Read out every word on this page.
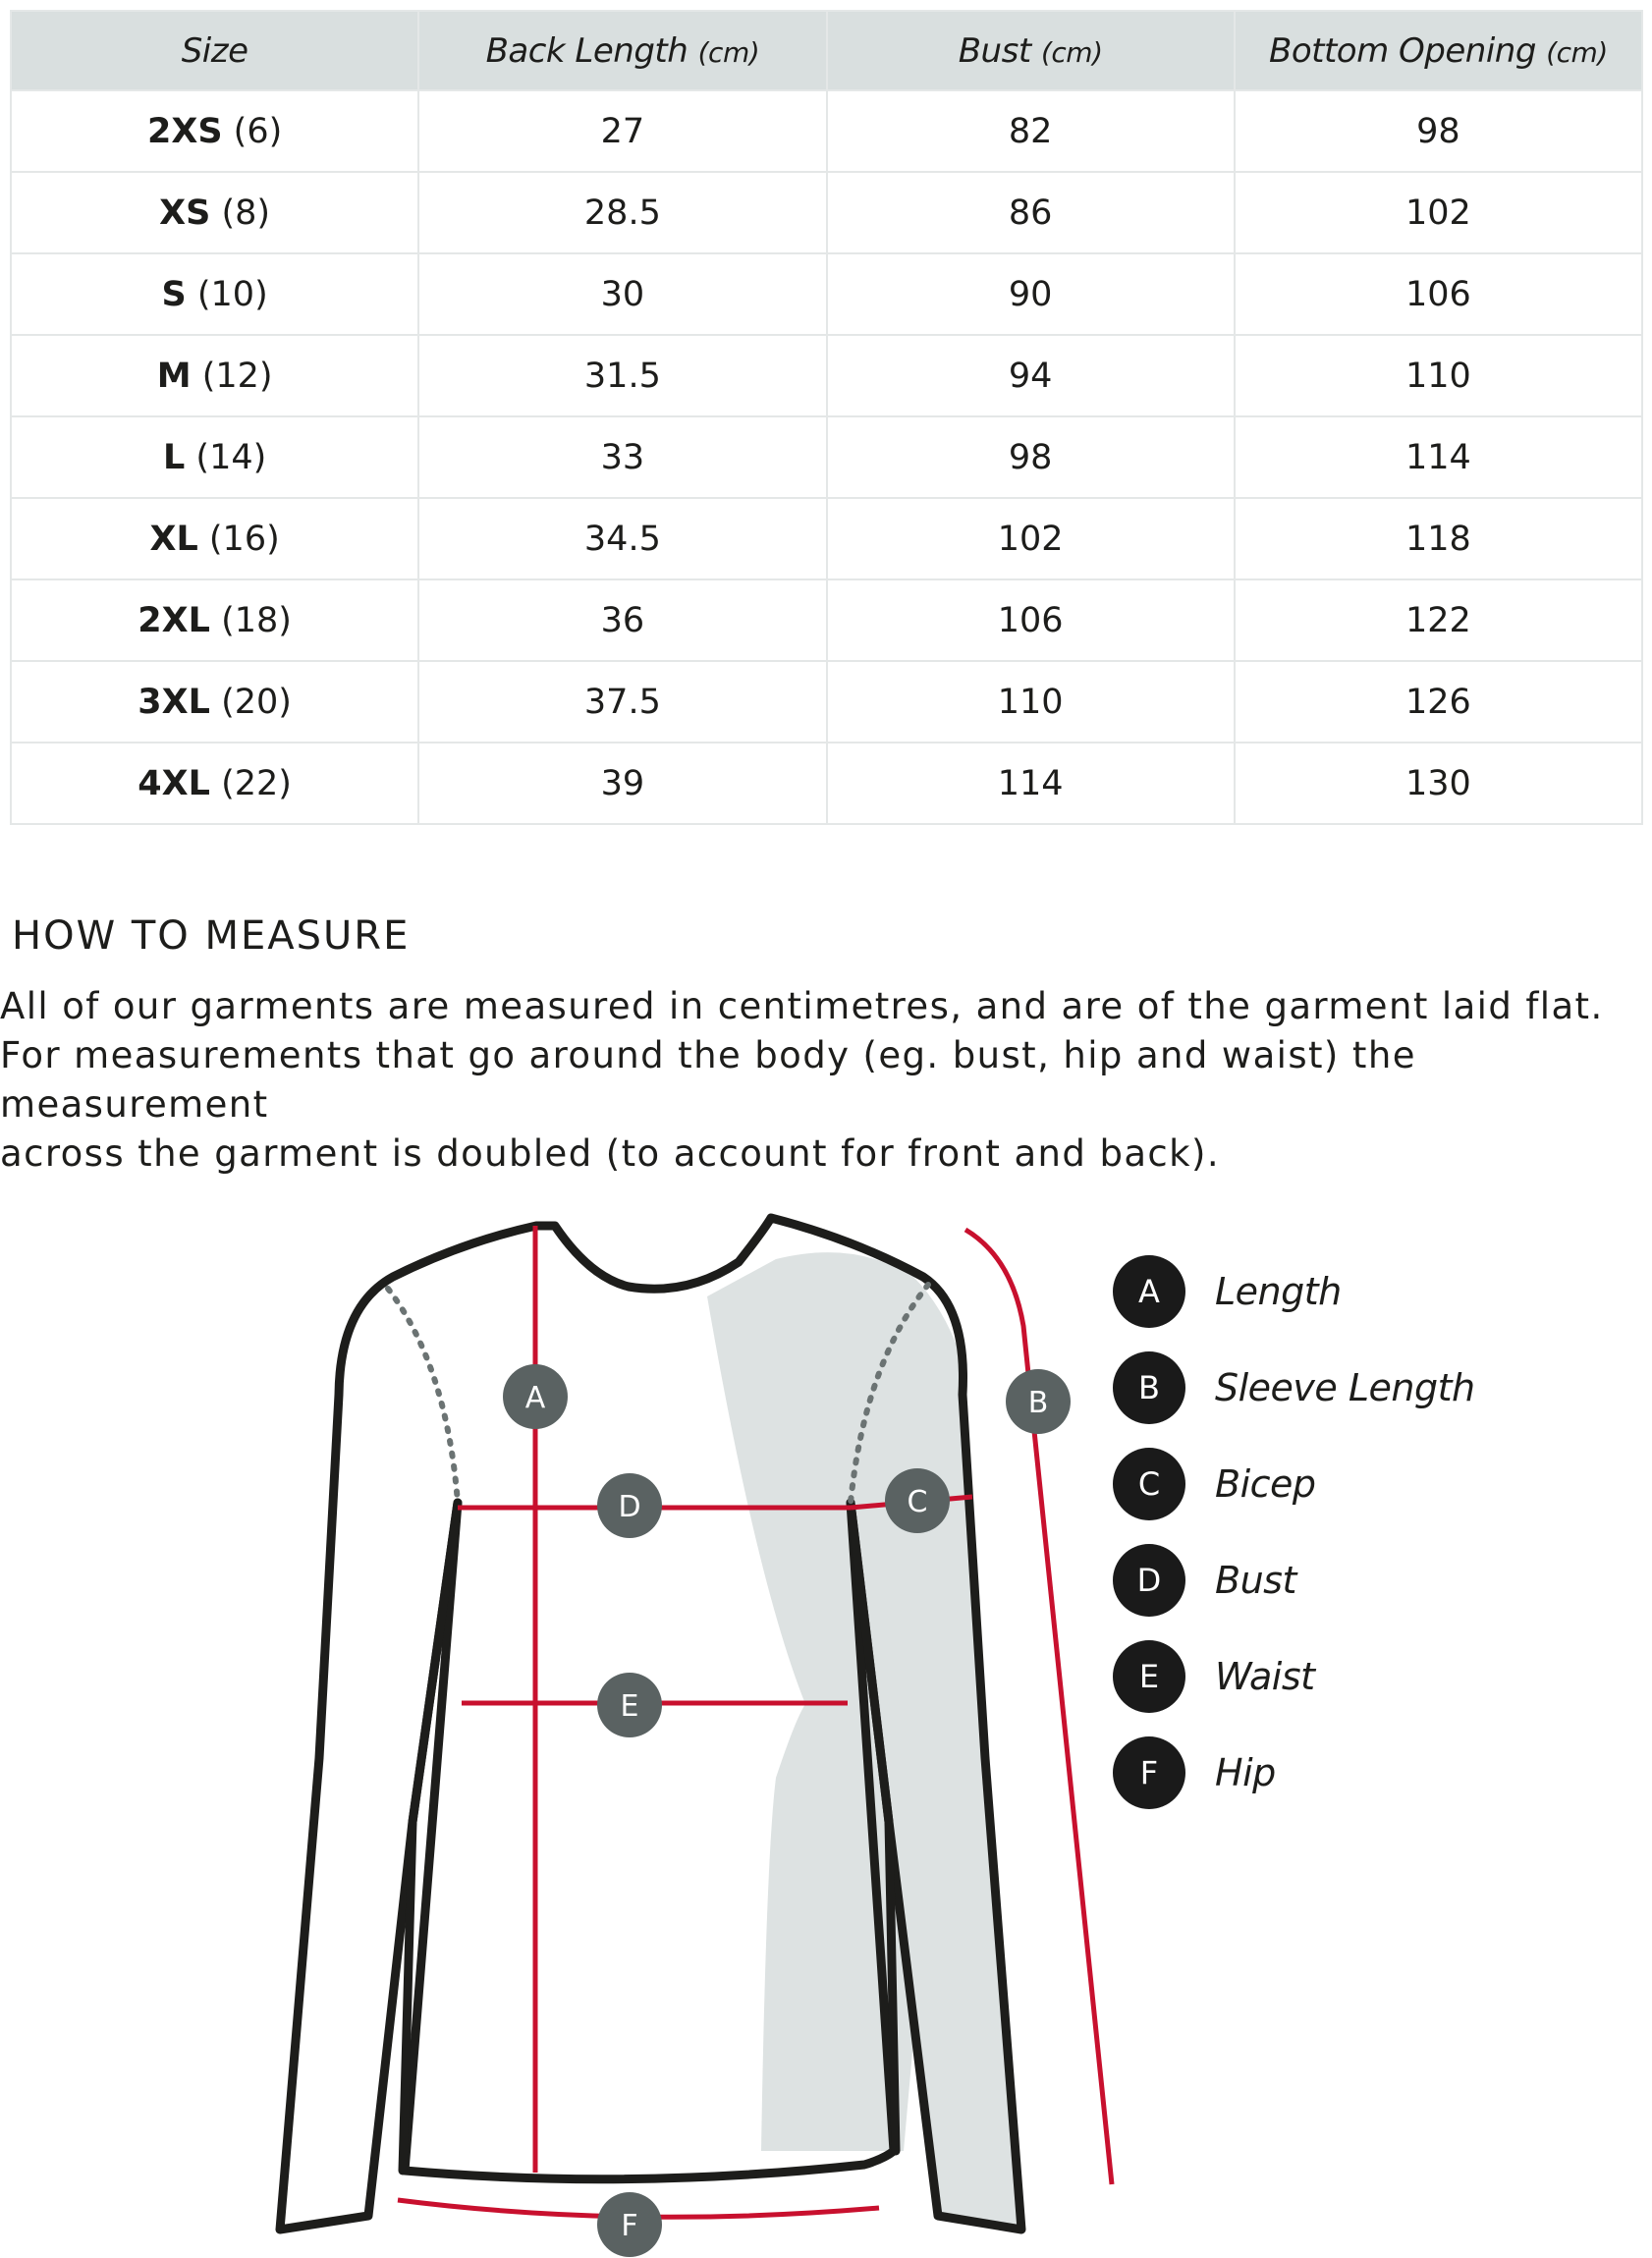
Size	Back Length (cm)	Bust (cm)	Bottom Opening (cm)
2XS (6)	27	82	98
XS (8)	28.5	86	102
S (10)	30	90	106
M (12)	31.5	94	110
L (14)	33	98	114
XL (16)	34.5	102	118
2XL (18)	36	106	122
3XL (20)	37.5	110	126
4XL (22)	39	114	130
HOW TO MEASURE

All of our garments are measured in centimetres, and are of the garment laid flat.
For measurements that go around the body (eg. bust, hip and waist) the measurement
across the garment is doubled (to account for front and back).

A	B
C
D
E
F
A	Length
B	Sleeve Length
C	Bicep
D	Bust
E	Waist
F	Hip
